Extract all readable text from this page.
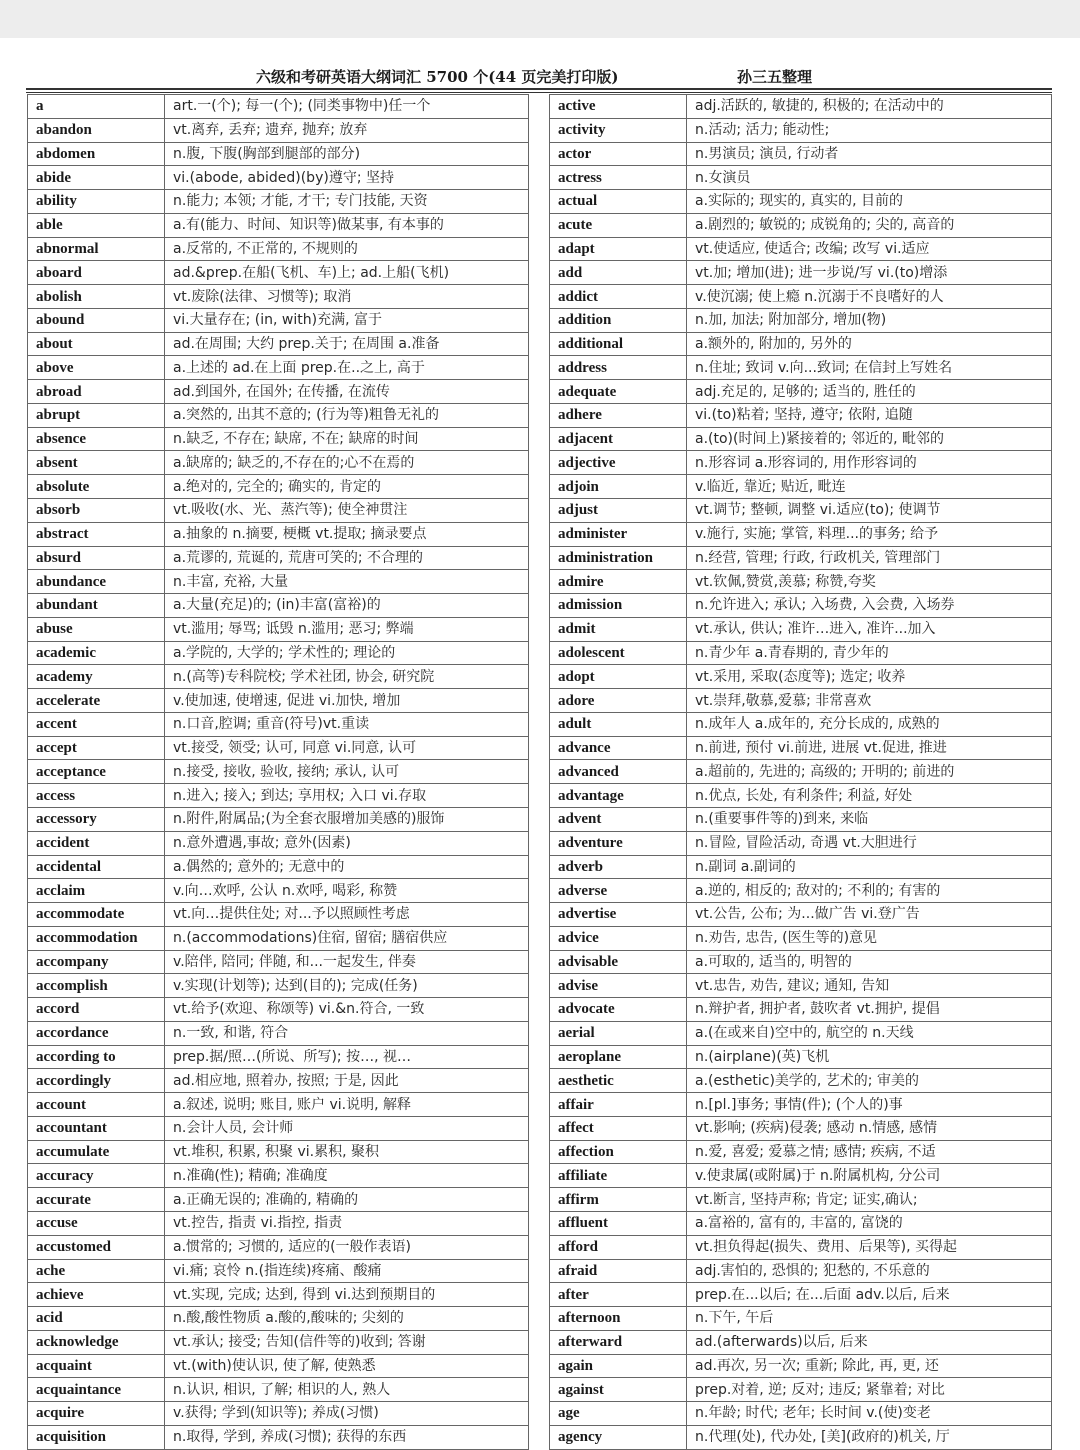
六级和考研英语大纲词汇 5700 个(44 页完美打印版)	孙三五整理
a	art.一(个); 每一(个); (同类事物中)任一个
abandon	vt.离弃, 丢弃; 遗弃, 抛弃; 放弃
abdomen	n.腹, 下腹(胸部到腿部的部分)
abide	vi.(abode, abided)(by)遵守; 坚持
ability	n.能力; 本领; 才能, 才干; 专门技能, 天资
able	a.有(能力、时间、知识等)做某事, 有本事的
abnormal	a.反常的, 不正常的, 不规则的
aboard	ad.&prep.在船(飞机、车)上; ad.上船(飞机)
abolish	vt.废除(法律、习惯等); 取消
abound	vi.大量存在; (in, with)充满, 富于
about	ad.在周围; 大约 prep.关于; 在周围 a.准备
above	a.上述的 ad.在上面 prep.在..之上, 高于
abroad	ad.到国外, 在国外; 在传播, 在流传
abrupt	a.突然的, 出其不意的; (行为等)粗鲁无礼的
absence	n.缺乏, 不存在; 缺席, 不在; 缺席的时间
absent	a.缺席的; 缺乏的,不存在的;心不在焉的
absolute	a.绝对的, 完全的; 确实的, 肯定的
absorb	vt.吸收(水、光、蒸汽等); 使全神贯注
abstract	a.抽象的 n.摘要, 梗概 vt.提取; 摘录要点
absurd	a.荒谬的, 荒诞的, 荒唐可笑的; 不合理的
abundance	n.丰富, 充裕, 大量
abundant	a.大量(充足)的; (in)丰富(富裕)的
abuse	vt.滥用; 辱骂; 诋毁 n.滥用; 恶习; 弊端
academic	a.学院的, 大学的; 学术性的; 理论的
academy	n.(高等)专科院校; 学术社团, 协会, 研究院
accelerate	v.使加速, 使增速, 促进 vi.加快, 增加
accent	n.口音,腔调; 重音(符号)vt.重读
accept	vt.接受, 领受; 认可, 同意 vi.同意, 认可
acceptance	n.接受, 接收, 验收, 接纳; 承认, 认可
access	n.进入; 接入; 到达; 享用权; 入口 vi.存取
accessory	n.附件,附属品;(为全套衣服增加美感的)服饰
accident	n.意外遭遇,事故; 意外(因素)
accidental	a.偶然的; 意外的; 无意中的
acclaim	v.向…欢呼, 公认 n.欢呼, 喝彩, 称赞
accommodate	vt.向…提供住处; 对...予以照顾性考虑
accommodation	n.(accommodations)住宿, 留宿; 膳宿供应
accompany	v.陪伴, 陪同; 伴随, 和...一起发生, 伴奏
accomplish	v.实现(计划等); 达到(目的); 完成(任务)
accord	vt.给予(欢迎、称颂等) vi.&n.符合, 一致
accordance	n.一致, 和谐, 符合
according to	prep.据/照…(所说、所写); 按…, 视…
accordingly	ad.相应地, 照着办, 按照; 于是, 因此
account	a.叙述, 说明; 账目, 账户 vi.说明, 解释
accountant	n.会计人员, 会计师
accumulate	vt.堆积, 积累, 积聚 vi.累积, 聚积
accuracy	n.准确(性); 精确; 准确度
accurate	a.正确无误的; 准确的, 精确的
accuse	vt.控告, 指责 vi.指控, 指责
accustomed	a.惯常的; 习惯的, 适应的(一般作表语)
ache	vi.痛; 哀怜 n.(指连续)疼痛、酸痛
achieve	vt.实现, 完成; 达到, 得到 vi.达到预期目的
acid	n.酸,酸性物质 a.酸的,酸味的; 尖刻的
acknowledge	vt.承认; 接受; 告知(信件等的)收到; 答谢
acquaint	vt.(with)使认识, 使了解, 使熟悉
acquaintance	n.认识, 相识, 了解; 相识的人, 熟人
acquire	v.获得; 学到(知识等); 养成(习惯)
acquisition	n.取得, 学到, 养成(习惯); 获得的东西
active	adj.活跃的, 敏捷的, 积极的; 在活动中的
activity	n.活动; 活力; 能动性;
actor	n.男演员; 演员, 行动者
actress	n.女演员
actual	a.实际的; 现实的, 真实的, 目前的
acute	a.剧烈的; 敏锐的; 成锐角的; 尖的, 高音的
adapt	vt.使适应, 使适合; 改编; 改写 vi.适应
add	vt.加; 增加(进); 进一步说/写 vi.(to)增添
addict	v.使沉溺; 使上瘾 n.沉溺于不良嗜好的人
addition	n.加, 加法; 附加部分, 增加(物)
additional	a.额外的, 附加的, 另外的
address	n.住址; 致词 v.向...致词; 在信封上写姓名
adequate	adj.充足的, 足够的; 适当的, 胜任的
adhere	vi.(to)粘着; 坚持, 遵守; 依附, 追随
adjacent	a.(to)(时间上)紧接着的; 邻近的, 毗邻的
adjective	n.形容词 a.形容词的, 用作形容词的
adjoin	v.临近, 靠近; 贴近, 毗连
adjust	vt.调节; 整顿, 调整 vi.适应(to); 使调节
administer	v.施行, 实施; 掌管, 料理...的事务; 给予
administration	n.经营, 管理; 行政, 行政机关, 管理部门
admire	vt.钦佩,赞赏,羡慕; 称赞,夸奖
admission	n.允许进入; 承认; 入场费, 入会费, 入场券
admit	vt.承认, 供认; 准许…进入, 准许...加入
adolescent	n.青少年 a.青春期的, 青少年的
adopt	vt.采用, 采取(态度等); 选定; 收养
adore	vt.崇拜,敬慕,爱慕; 非常喜欢
adult	n.成年人 a.成年的, 充分长成的, 成熟的
advance	n.前进, 预付 vi.前进, 进展 vt.促进, 推进
advanced	a.超前的, 先进的; 高级的; 开明的; 前进的
advantage	n.优点, 长处, 有利条件; 利益, 好处
advent	n.(重要事件等的)到来, 来临
adventure	n.冒险, 冒险活动, 奇遇 vt.大胆进行
adverb	n.副词 a.副词的
adverse	a.逆的, 相反的; 敌对的; 不利的; 有害的
advertise	vt.公告, 公布; 为...做广告 vi.登广告
advice	n.劝告, 忠告, (医生等的)意见
advisable	a.可取的, 适当的, 明智的
advise	vt.忠告, 劝告, 建议; 通知, 告知
advocate	n.辩护者, 拥护者, 鼓吹者 vt.拥护, 提倡
aerial	a.(在或来自)空中的, 航空的 n.天线
aeroplane	n.(airplane)(英)飞机
aesthetic	a.(esthetic)美学的, 艺术的; 审美的
affair	n.[pl.]事务; 事情(件); (个人的)事
affect	vt.影响; (疾病)侵袭; 感动 n.情感, 感情
affection	n.爱, 喜爱; 爱慕之情; 感情; 疾病, 不适
affiliate	v.使隶属(或附属)于 n.附属机构, 分公司
affirm	vt.断言, 坚持声称; 肯定; 证实,确认;
affluent	a.富裕的, 富有的, 丰富的, 富饶的
afford	vt.担负得起(损失、费用、后果等), 买得起
afraid	adj.害怕的, 恐惧的; 犯愁的, 不乐意的
after	prep.在...以后; 在...后面 adv.以后, 后来
afternoon	n.下午, 午后
afterward	ad.(afterwards)以后, 后来
again	ad.再次, 另一次; 重新; 除此, 再, 更, 还
against	prep.对着, 逆; 反对; 违反; 紧靠着; 对比
age	n.年龄; 时代; 老年; 长时间 v.(使)变老
agency	n.代理(处), 代办处, [美](政府的)机关, 厅
